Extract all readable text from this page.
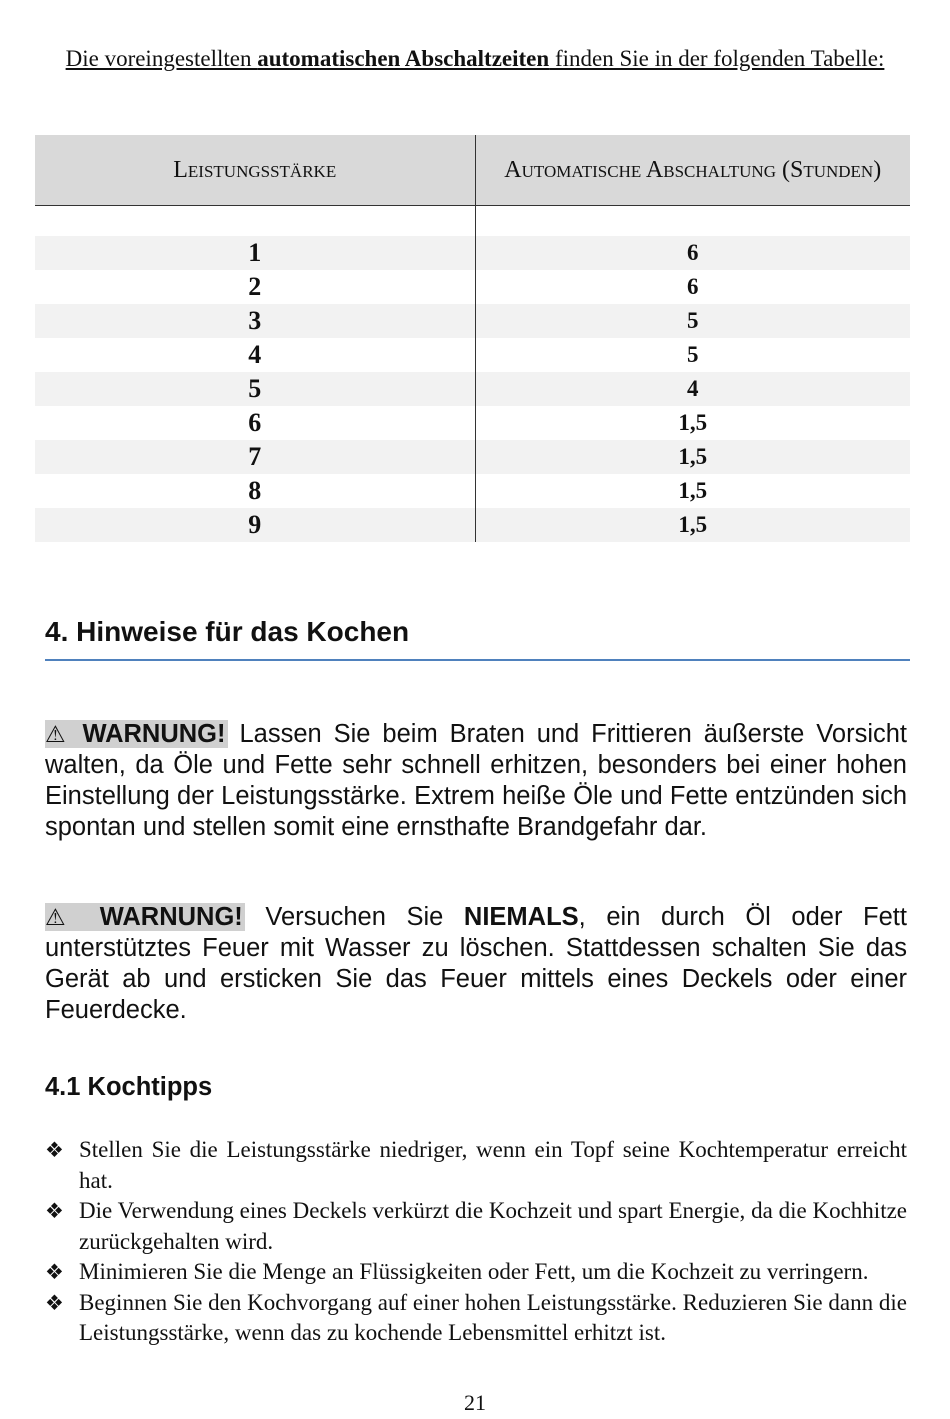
Die voreingestellten automatischen Abschaltzeiten finden Sie in der folgenden Tabelle:

Leistungsstärke	Automatische Abschaltung (Stunden)
1	6
2	6
3	5
4	5
5	4
6	1,5
7	1,5
8	1,5
9	1,5
4. Hinweise für das Kochen

⚠ WARNUNG! Lassen Sie beim Braten und Frittieren äußerste Vorsicht walten, da Öle und Fette sehr schnell erhitzen, besonders bei einer hohen Einstellung der Leistungsstärke. Extrem heiße Öle und Fette entzünden sich spontan und stellen somit eine ernsthafte Brandgefahr dar.

⚠ WARNUNG! Versuchen Sie NIEMALS, ein durch Öl oder Fett unterstütztes Feuer mit Wasser zu löschen. Stattdessen schalten Sie das Gerät ab und ersticken Sie das Feuer mittels eines Deckels oder einer Feuerdecke.

4.1 Kochtipps
❖ Stellen Sie die Leistungsstärke niedriger, wenn ein Topf seine Kochtemperatur erreicht hat.
❖ Die Verwendung eines Deckels verkürzt die Kochzeit und spart Energie, da die Kochhitze zurückgehalten wird.
❖ Minimieren Sie die Menge an Flüssigkeiten oder Fett, um die Kochzeit zu verringern.
❖ Beginnen Sie den Kochvorgang auf einer hohen Leistungsstärke. Reduzieren Sie dann die Leistungsstärke, wenn das zu kochende Lebensmittel erhitzt ist.
21
